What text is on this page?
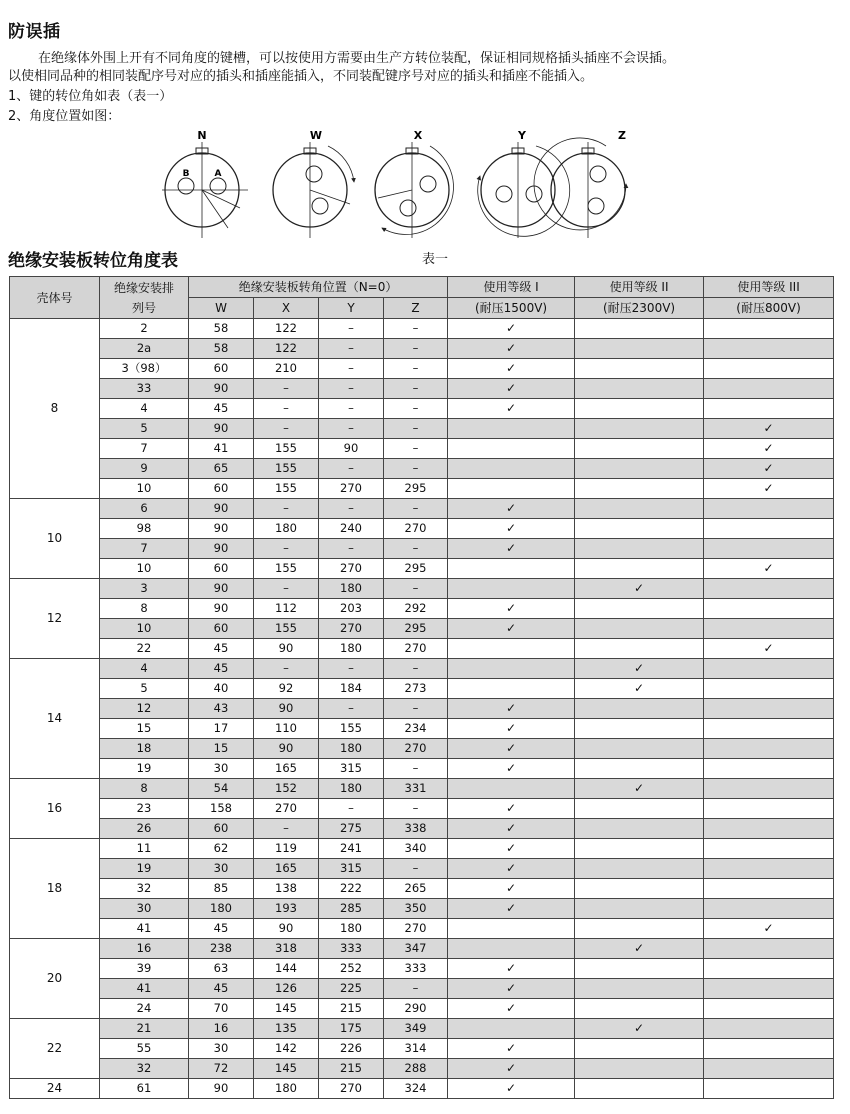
防误插
在绝缘体外围上开有不同角度的键槽，可以按使用方需要由生产方转位装配，保证相同规格插头插座不会误插。
以使相同品种的相同装配序号对应的插头和插座能插入，不同装配键序号对应的插头和插座不能插入。
1、键的转位角如表（表一）
2、角度位置如图：
N
B	A
W	X	Y	Z
绝缘安装板转位角度表	表一
壳体号	绝缘安装排
列号	绝缘安装板转角位置（N=0）				使用等级 I	使用等级 II	使用等级 III
		W	X	Y	Z	(耐压1500V)	(耐压2300V)	(耐压800V)
8	2	58	122	–	–	✓		
	2a	58	122	–	–	✓		
	3（98）	60	210	–	–	✓		
	33	90	–	–	–	✓		
	4	45	–	–	–	✓		
	5	90	–	–	–			✓
	7	41	155	90	–			✓
	9	65	155	–	–			✓
	10	60	155	270	295			✓
10	6	90	–	–	–	✓		
	98	90	180	240	270	✓		
	7	90	–	–	–	✓		
	10	60	155	270	295			✓
12	3	90	–	180	–		✓	
	8	90	112	203	292	✓		
	10	60	155	270	295	✓		
	22	45	90	180	270			✓
14	4	45	–	–	–		✓	
	5	40	92	184	273		✓	
	12	43	90	–	–	✓		
	15	17	110	155	234	✓		
	18	15	90	180	270	✓		
	19	30	165	315	–	✓		
16	8	54	152	180	331		✓	
	23	158	270	–	–	✓		
	26	60	–	275	338	✓		
18	11	62	119	241	340	✓		
	19	30	165	315	–	✓		
	32	85	138	222	265	✓		
	30	180	193	285	350	✓		
	41	45	90	180	270			✓
20	16	238	318	333	347		✓	
	39	63	144	252	333	✓		
	41	45	126	225	–	✓		
	24	70	145	215	290	✓		
22	21	16	135	175	349		✓	
	55	30	142	226	314	✓		
	32	72	145	215	288	✓		
24	61	90	180	270	324	✓		
